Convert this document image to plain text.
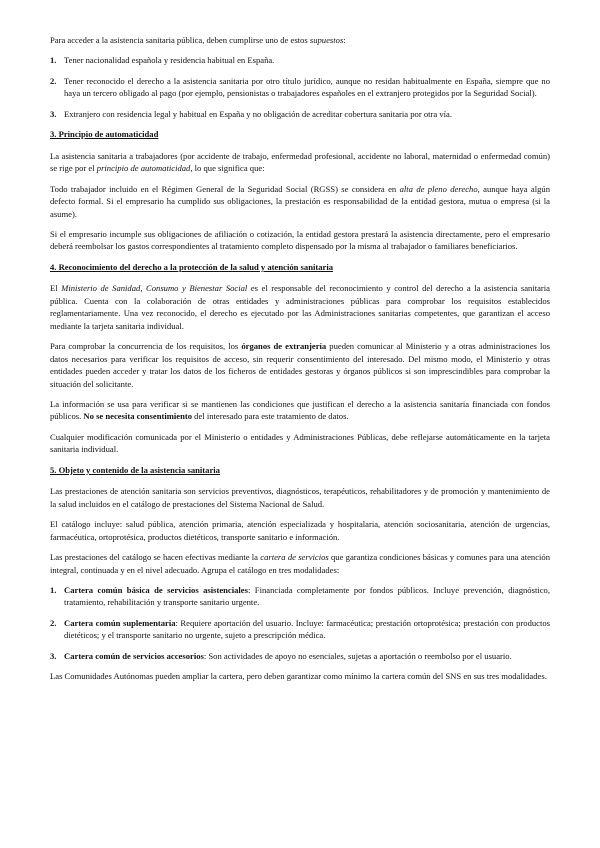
Para acceder a la asistencia sanitaria pública, deben cumplirse uno de estos supuestos:

1. Tener nacionalidad española y residencia habitual en España.
2. Tener reconocido el derecho a la asistencia sanitaria por otro título jurídico, aunque no residan habitualmente en España, siempre que no haya un tercero obligado al pago (por ejemplo, pensionistas o trabajadores españoles en el extranjero protegidos por la Seguridad Social).
3. Extranjero con residencia legal y habitual en España y no obligación de acreditar cobertura sanitaria por otra vía.
3. Principio de automaticidad

La asistencia sanitaria a trabajadores (por accidente de trabajo, enfermedad profesional, accidente no laboral, maternidad o enfermedad común) se rige por el principio de automaticidad, lo que significa que:

Todo trabajador incluido en el Régimen General de la Seguridad Social (RGSS) se considera en alta de pleno derecho, aunque haya algún defecto formal. Si el empresario ha cumplido sus obligaciones, la prestación es responsabilidad de la entidad gestora, mutua o empresa (si la asume).

Si el empresario incumple sus obligaciones de afiliación o cotización, la entidad gestora prestará la asistencia directamente, pero el empresario deberá reembolsar los gastos correspondientes al tratamiento completo dispensado por la misma al trabajador o familiares beneficiarios.

4. Reconocimiento del derecho a la protección de la salud y atención sanitaria

El Ministerio de Sanidad, Consumo y Bienestar Social es el responsable del reconocimiento y control del derecho a la asistencia sanitaria pública. Cuenta con la colaboración de otras entidades y administraciones públicas para comprobar los requisitos establecidos reglamentariamente. Una vez reconocido, el derecho es ejecutado por las Administraciones sanitarias competentes, que garantizan el acceso mediante la tarjeta sanitaria individual.

Para comprobar la concurrencia de los requisitos, los órganos de extranjería pueden comunicar al Ministerio y a otras administraciones los datos necesarios para verificar los requisitos de acceso, sin requerir consentimiento del interesado. Del mismo modo, el Ministerio y otras entidades pueden acceder y tratar los datos de los ficheros de entidades gestoras y órganos públicos si son imprescindibles para comprobar la situación del solicitante.

La información se usa para verificar si se mantienen las condiciones que justifican el derecho a la asistencia sanitaria financiada con fondos públicos. No se necesita consentimiento del interesado para este tratamiento de datos.

Cualquier modificación comunicada por el Ministerio o entidades y Administraciones Públicas, debe reflejarse automáticamente en la tarjeta sanitaria individual.

5. Objeto y contenido de la asistencia sanitaria

Las prestaciones de atención sanitaria son servicios preventivos, diagnósticos, terapéuticos, rehabilitadores y de promoción y mantenimiento de la salud incluidos en el catálogo de prestaciones del Sistema Nacional de Salud.

El catálogo incluye: salud pública, atención primaria, atención especializada y hospitalaria, atención sociosanitaria, atención de urgencias, farmacéutica, ortoprotésica, productos dietéticos, transporte sanitario e información.

Las prestaciones del catálogo se hacen efectivas mediante la cartera de servicios que garantiza condiciones básicas y comunes para una atención integral, continuada y en el nivel adecuado. Agrupa el catálogo en tres modalidades:

1. Cartera común básica de servicios asistenciales: Financiada completamente por fondos públicos. Incluye prevención, diagnóstico, tratamiento, rehabilitación y transporte sanitario urgente.
2. Cartera común suplementaria: Requiere aportación del usuario. Incluye: farmacéutica; prestación ortoprotésica; prestación con productos dietéticos; y el transporte sanitario no urgente, sujeto a prescripción médica.
3. Cartera común de servicios accesorios: Son actividades de apoyo no esenciales, sujetas a aportación o reembolso por el usuario.

Las Comunidades Autónomas pueden ampliar la cartera, pero deben garantizar como mínimo la cartera común del SNS en sus tres modalidades.
